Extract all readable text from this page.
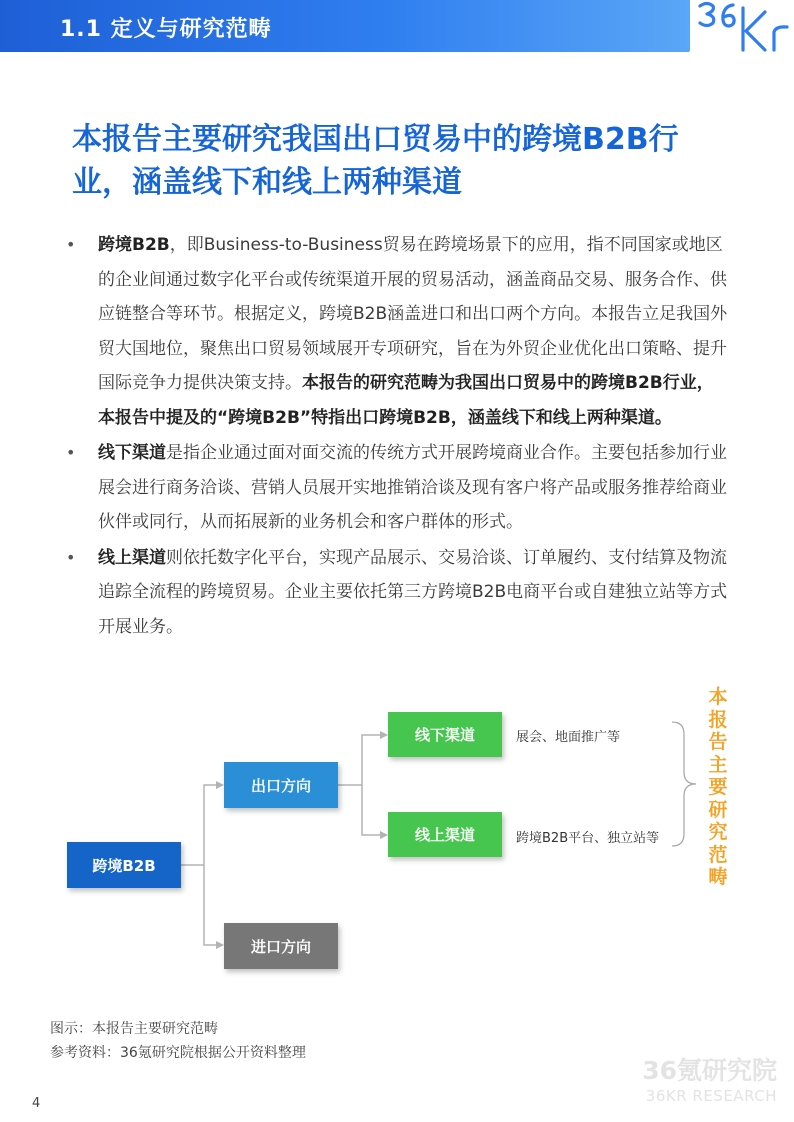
1.1 定义与研究范畴
本报告主要研究我国出口贸易中的跨境B2B行
业，涵盖线下和线上两种渠道
• 跨境B2B，即Business-to-Business贸易在跨境场景下的应用，指不同国家或地区的企业间通过数字化平台或传统渠道开展的贸易活动，涵盖商品交易、服务合作、供应链整合等环节。根据定义，跨境B2B涵盖进口和出口两个方向。本报告立足我国外贸大国地位，聚焦出口贸易领域展开专项研究，旨在为外贸企业优化出口策略、提升国际竞争力提供决策支持。本报告的研究范畴为我国出口贸易中的跨境B2B行业，本报告中提及的“跨境B2B”特指出口跨境B2B，涵盖线下和线上两种渠道。
• 线下渠道是指企业通过面对面交流的传统方式开展跨境商业合作。主要包括参加行业展会进行商务洽谈、营销人员展开实地推销洽谈及现有客户将产品或服务推荐给商业伙伴或同行，从而拓展新的业务机会和客户群体的形式。
• 线上渠道则依托数字化平台，实现产品展示、交易洽谈、订单履约、支付结算及物流追踪全流程的跨境贸易。企业主要依托第三方跨境B2B电商平台或自建独立站等方式开展业务。
跨境B2B
出口方向
进口方向
线下渠道
线上渠道
展会、地面推广等
跨境B2B平台、独立站等
本报告主要研究范畴
图示：本报告主要研究范畴
参考资料：36氪研究院根据公开资料整理
36氪研究院
36KR RESEARCH
4
